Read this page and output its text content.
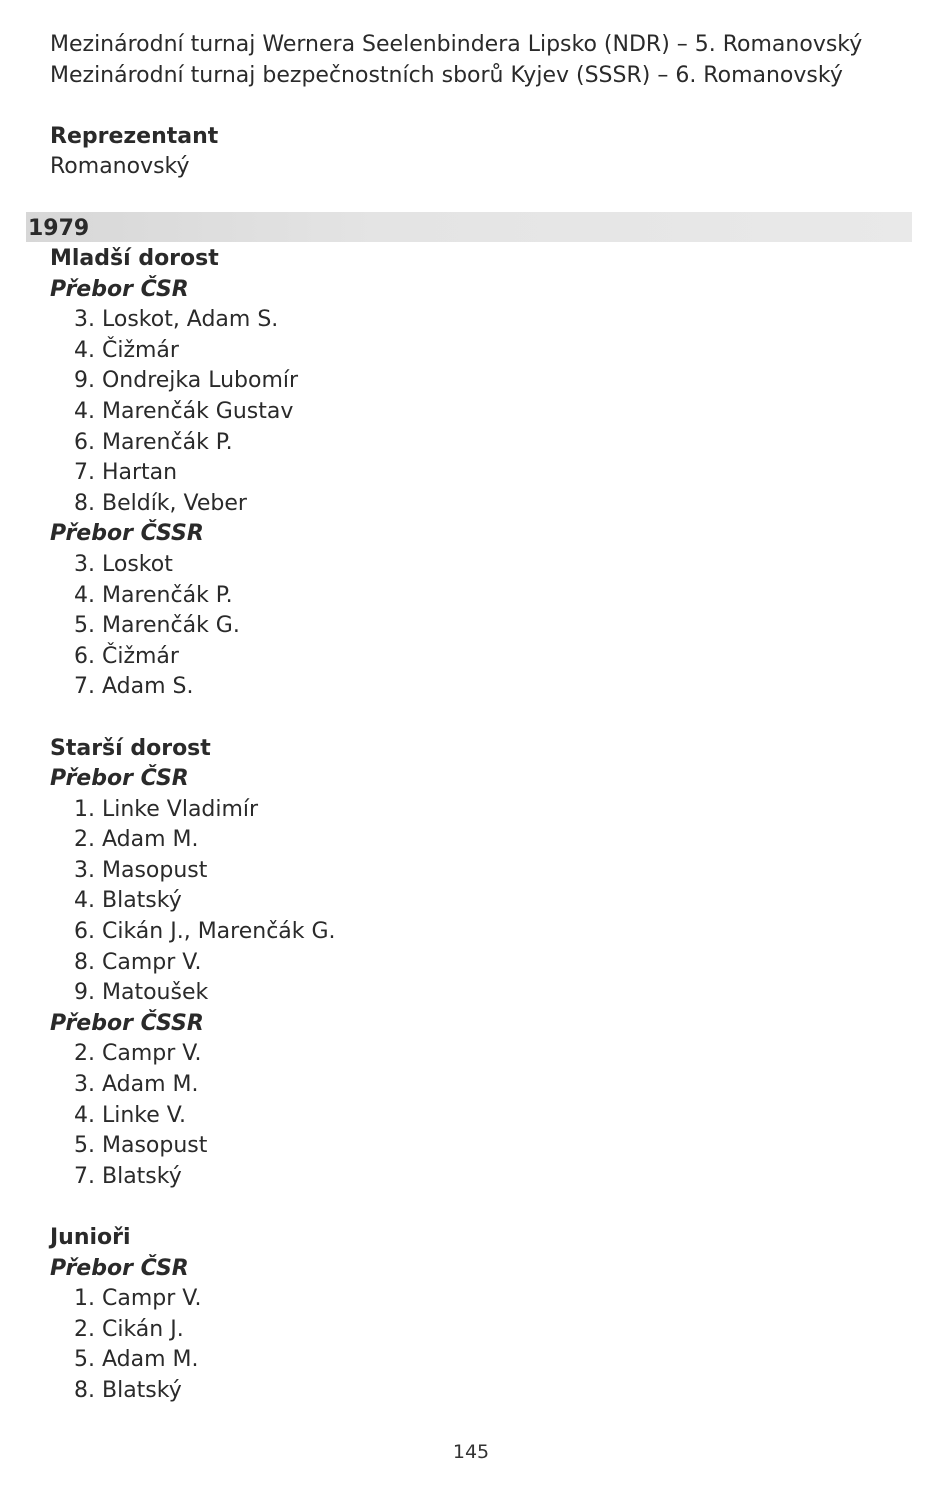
Mezinárodní turnaj Wernera Seelenbindera Lipsko (NDR) – 5. Romanovský
Mezinárodní turnaj bezpečnostních sborů Kyjev (SSSR) – 6. Romanovský
Reprezentant
Romanovský
1979
Mladší dorost
Přebor ČSR
3. Loskot, Adam S.
4. Čižmár
9. Ondrejka Lubomír
4. Marenčák Gustav
6. Marenčák P.
7. Hartan
8. Beldík, Veber
Přebor ČSSR
3. Loskot
4. Marenčák P.
5. Marenčák G.
6. Čižmár
7. Adam S.
Starší dorost
Přebor ČSR
1. Linke Vladimír
2. Adam M.
3. Masopust
4. Blatský
6. Cikán J., Marenčák G.
8. Campr V.
9. Matoušek
Přebor ČSSR
2. Campr V.
3. Adam M.
4. Linke V.
5. Masopust
7. Blatský
Junioři
Přebor ČSR
1. Campr V.
2. Cikán J.
5. Adam M.
8. Blatský
145
